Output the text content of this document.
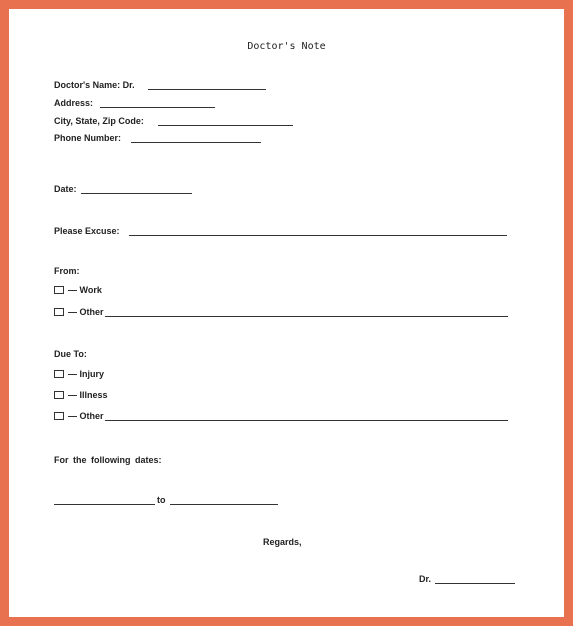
Doctor's Note
Doctor's Name: Dr.
Address:
City, State, Zip Code:
Phone Number:
Date:
Please Excuse:
From:
— Work
— Other
Due To:
— Injury
— Illness
— Other
For the following dates:
to
Regards,
Dr.
